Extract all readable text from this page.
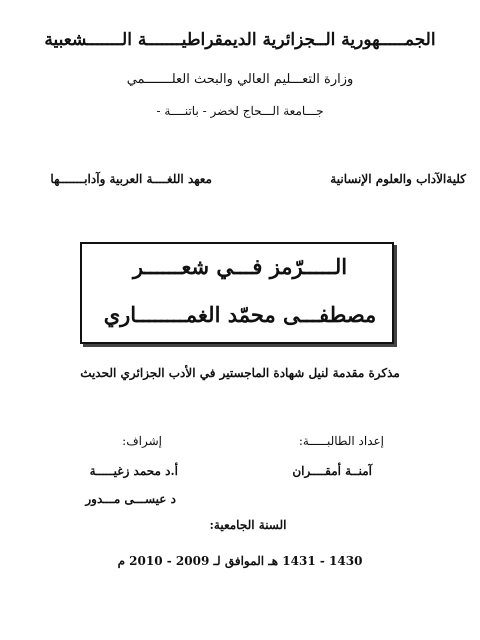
الجمـــــهورية الــجزائرية الديمقراطيـــــــة الـــــــشعبية
وزارة التعـــليم العالي والبحث العلـــــــمي
جـــامعة الـــحاج لخضر - باتنــــة -
كليةالآداب والعلوم الإنسانية
معهد اللغــــة العربية وآدابـــــــها
الـــــرّمز فـــي شعــــــر
مصطفـــى محمّد الغمــــــــاري
مذكرة مقدمة لنيل شهادة الماجستير في الأدب الجزائري الحديث
إعداد الطالبـــــة:
إشراف:
آمنــة أمقــــران
أ.د محمد زغيـــــة
د عيســـى مـــدور
السنة الجامعية:
1430 - 1431 هـ الموافق لـ 2009 - 2010 م
